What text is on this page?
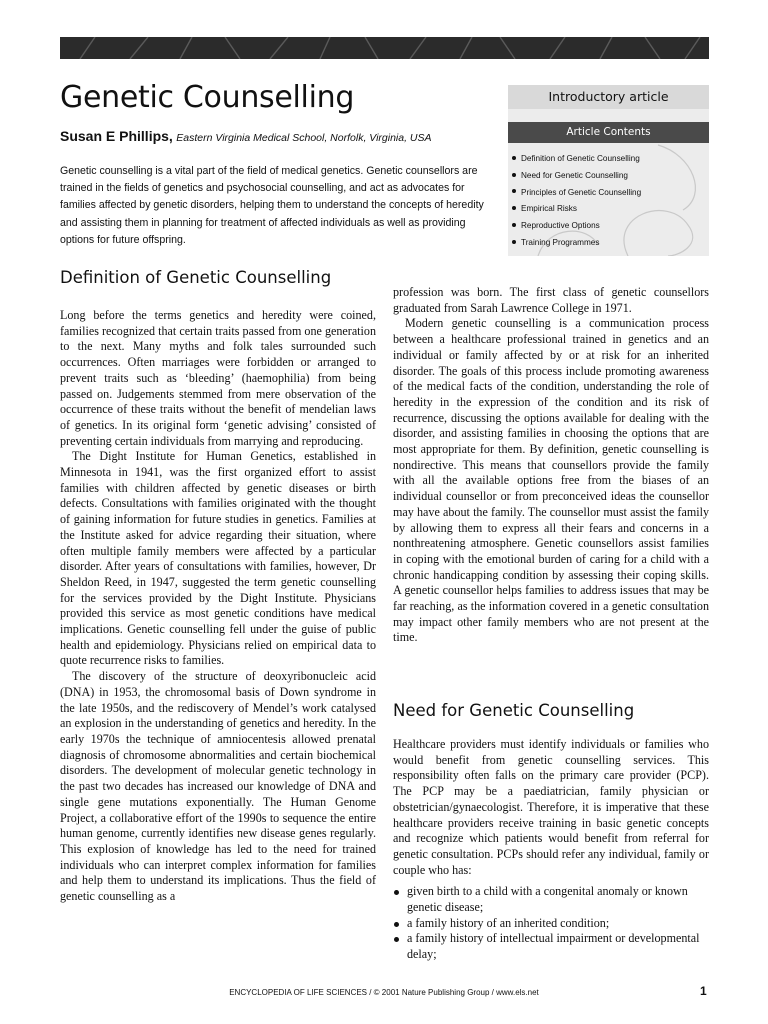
Genetic Counselling
Susan E Phillips, Eastern Virginia Medical School, Norfolk, Virginia, USA

Genetic counselling is a vital part of the field of medical genetics. Genetic counsellors are trained in the fields of genetics and psychosocial counselling, and act as advocates for families affected by genetic disorders, helping them to understand the concepts of heredity and assisting them in planning for treatment of affected individuals as well as providing options for future offspring.

Introductory article
Article Contents
Definition of Genetic Counselling
Need for Genetic Counselling
Principles of Genetic Counselling
Empirical Risks
Reproductive Options
Training Programmes
Definition of Genetic Counselling

Long before the terms genetics and heredity were coined, families recognized that certain traits passed from one generation to the next. Many myths and folk tales surrounded such occurrences. Often marriages were forbidden or arranged to prevent traits such as ‘bleeding’ (haemophilia) from being passed on. Judgements stemmed from mere observation of the occurrence of these traits without the benefit of mendelian laws of genetics. In its original form ‘genetic advising’ consisted of preventing certain individuals from marrying and reproducing.

The Dight Institute for Human Genetics, established in Minnesota in 1941, was the first organized effort to assist families with children affected by genetic diseases or birth defects. Consultations with families originated with the thought of gaining information for future studies in genetics. Families at the Institute asked for advice regarding their situation, where often multiple family members were affected by a particular disorder. After years of consultations with families, however, Dr Sheldon Reed, in 1947, suggested the term genetic counselling for the services provided by the Dight Institute. Physicians provided this service as most genetic conditions have medical implications. Genetic counselling fell under the guise of public health and epidemiology. Physicians relied on empirical data to quote recurrence risks to families.

The discovery of the structure of deoxyribonucleic acid (DNA) in 1953, the chromosomal basis of Down syndrome in the late 1950s, and the rediscovery of Mendel’s work catalysed an explosion in the understanding of genetics and heredity. In the early 1970s the technique of amniocentesis allowed prenatal diagnosis of chromosome abnormalities and certain biochemical disorders. The development of molecular genetic technology in the past two decades has increased our knowledge of DNA and single gene mutations exponentially. The Human Genome Project, a collaborative effort of the 1990s to sequence the entire human genome, currently identifies new disease genes regularly. This explosion of knowledge has led to the need for trained individuals who can interpret complex information for families and help them to understand its implications. Thus the field of genetic counselling as a

profession was born. The first class of genetic counsellors graduated from Sarah Lawrence College in 1971.

Modern genetic counselling is a communication process between a healthcare professional trained in genetics and an individual or family affected by or at risk for an inherited disorder. The goals of this process include promoting awareness of the medical facts of the condition, understanding the role of heredity in the expression of the condition and its risk of recurrence, discussing the options available for dealing with the disorder, and assisting families in choosing the options that are most appropriate for them. By definition, genetic counselling is nondirective. This means that counsellors provide the family with all the available options free from the biases of an individual counsellor or from preconceived ideas the counsellor may have about the family. The counsellor must assist the family by allowing them to express all their fears and concerns in a nonthreatening atmosphere. Genetic counsellors assist families in coping with the emotional burden of caring for a child with a chronic handicapping condition by assessing their coping skills. A genetic counsellor helps families to address issues that may be far reaching, as the information covered in a genetic consultation may impact other family members who are not present at the time.

Need for Genetic Counselling

Healthcare providers must identify individuals or families who would benefit from genetic counselling services. This responsibility often falls on the primary care provider (PCP). The PCP may be a paediatrician, family physician or obstetrician/gynaecologist. Therefore, it is imperative that these healthcare providers receive training in basic genetic concepts and recognize which patients would benefit from referral for genetic consultation. PCPs should refer any individual, family or couple who has:

given birth to a child with a congenital anomaly or known genetic disease;
a family history of an inherited condition;
a family history of intellectual impairment or developmental delay;
ENCYCLOPEDIA OF LIFE SCIENCES / © 2001 Nature Publishing Group / www.els.net	1
